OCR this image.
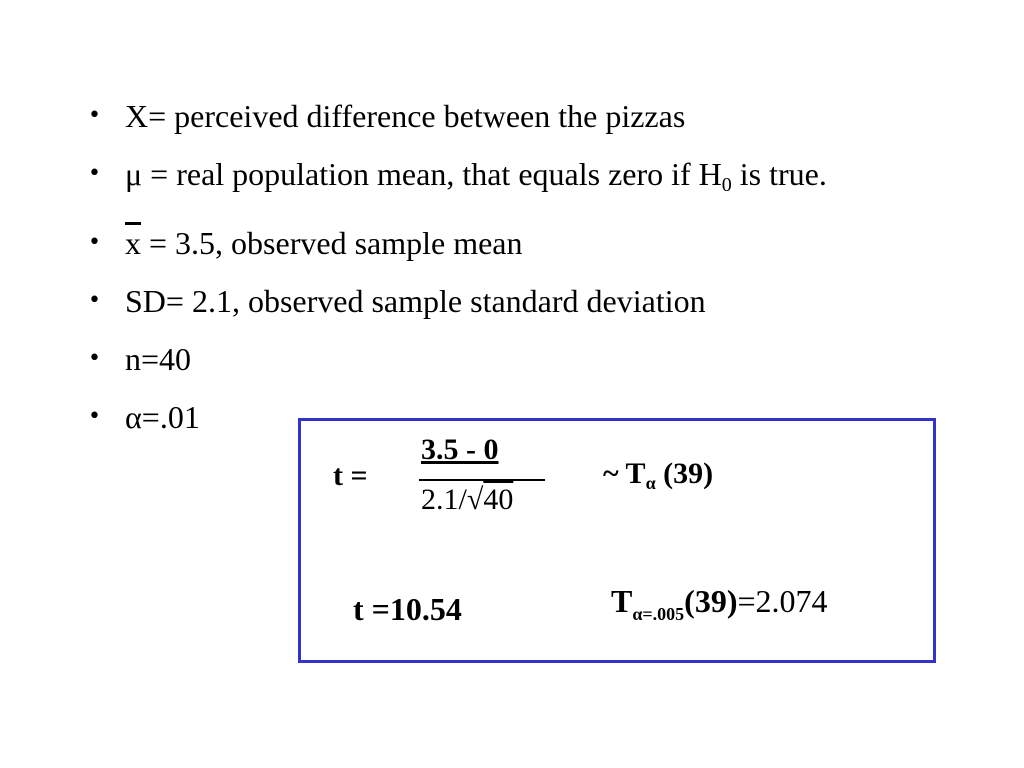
• X= perceived difference between the pizzas
• μ = real population mean, that equals zero if $H_0$ is true.
• $\overline{x} = 3.5$, observed sample mean
• SD= 2.1, observed sample standard deviation
• n=40
• α=.01
t =
3.5 - 0
2.1/√40
~ $T_\alpha$ (39)
t =10.54	$T_{\alpha=.005}(39)=2.074$
